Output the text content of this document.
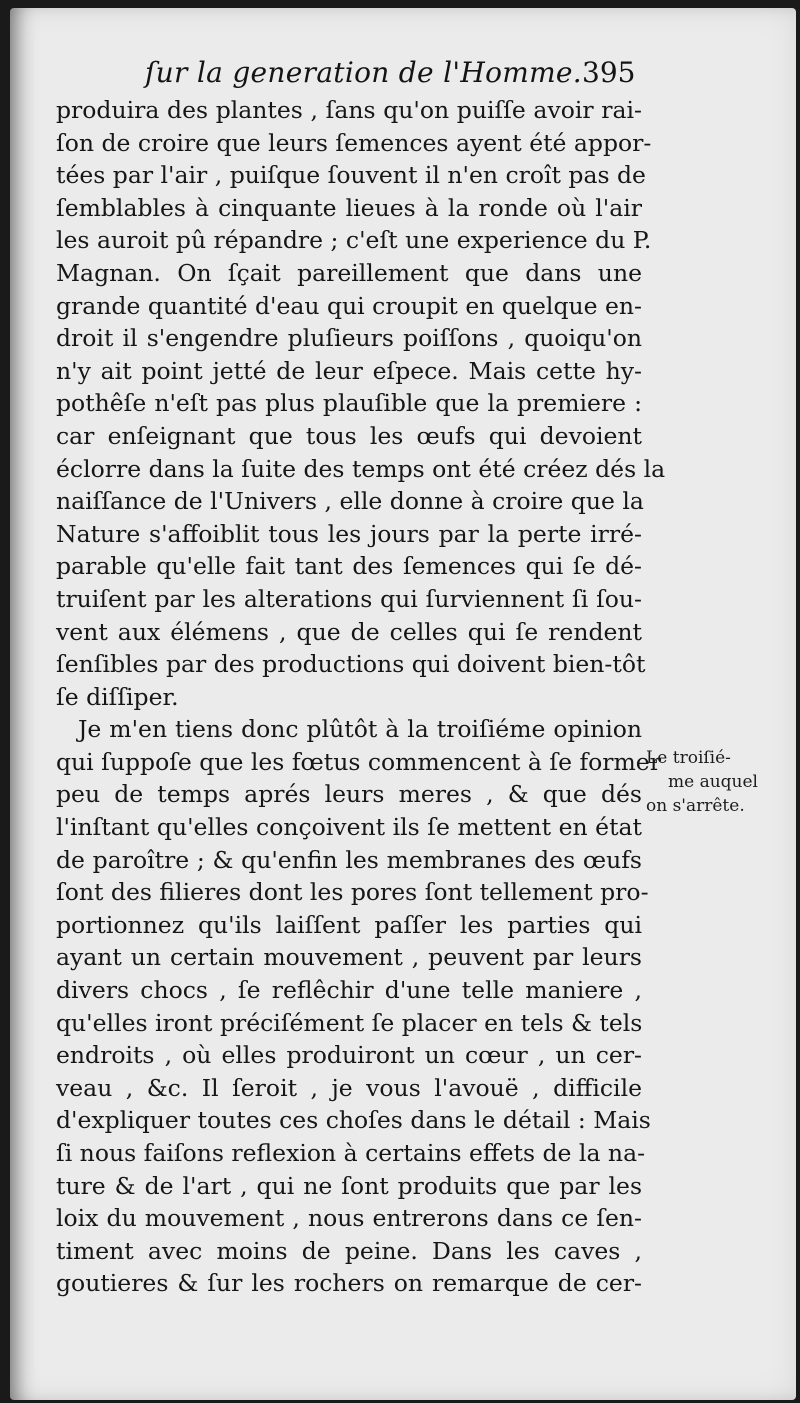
ſur la generation de l'Homme. 395
produira des plantes , ſans qu'on puiſſe avoir rai-
ſon de croire que leurs ſemences ayent été appor-
tées par l'air , puiſque ſouvent il n'en croît pas de
ſemblables à cinquante lieues à la ronde où l'air
les auroit pû répandre ; c'eſt une experience du P.
Magnan. On ſçait pareillement que dans une
grande quantité d'eau qui croupit en quelque en-
droit il s'engendre pluſieurs poiſſons , quoiqu'on
n'y ait point jetté de leur eſpece. Mais cette hy-
pothêſe n'eſt pas plus plauſible que la premiere :
car enſeignant que tous les œufs qui devoient
éclorre dans la ſuite des temps ont été créez dés la
naiſſance de l'Univers , elle donne à croire que la
Nature s'affoiblit tous les jours par la perte irré-
parable qu'elle fait tant des ſemences qui ſe dé-
truiſent par les alterations qui ſurviennent ſi ſou-
vent aux élémens , que de celles qui ſe rendent
ſenſibles par des productions qui doivent bien-tôt
ſe diſſiper.
Je m'en tiens donc plûtôt à la troiſiéme opinion
qui ſuppoſe que les fœtus commencent à ſe former
peu de temps aprés leurs meres , & que dés
l'inſtant qu'elles conçoivent ils ſe mettent en état
de paroître ; & qu'enfin les membranes des œufs
ſont des filieres dont les pores ſont tellement pro-
portionnez qu'ils laiſſent paſſer les parties qui
ayant un certain mouvement , peuvent par leurs
divers chocs , ſe reflêchir d'une telle maniere ,
qu'elles iront préciſément ſe placer en tels & tels
endroits , où elles produiront un cœur , un cer-
veau , &c. Il ſeroit , je vous l'avouë , difficile
d'expliquer toutes ces choſes dans le détail : Mais
ſi nous faiſons reflexion à certains effets de la na-
ture & de l'art , qui ne ſont produits que par les
loix du mouvement , nous entrerons dans ce ſen-
timent avec moins de peine. Dans les caves ,
goutieres & ſur les rochers on remarque de cer-
Le troiſié-
me auquel
on s'arrête.
